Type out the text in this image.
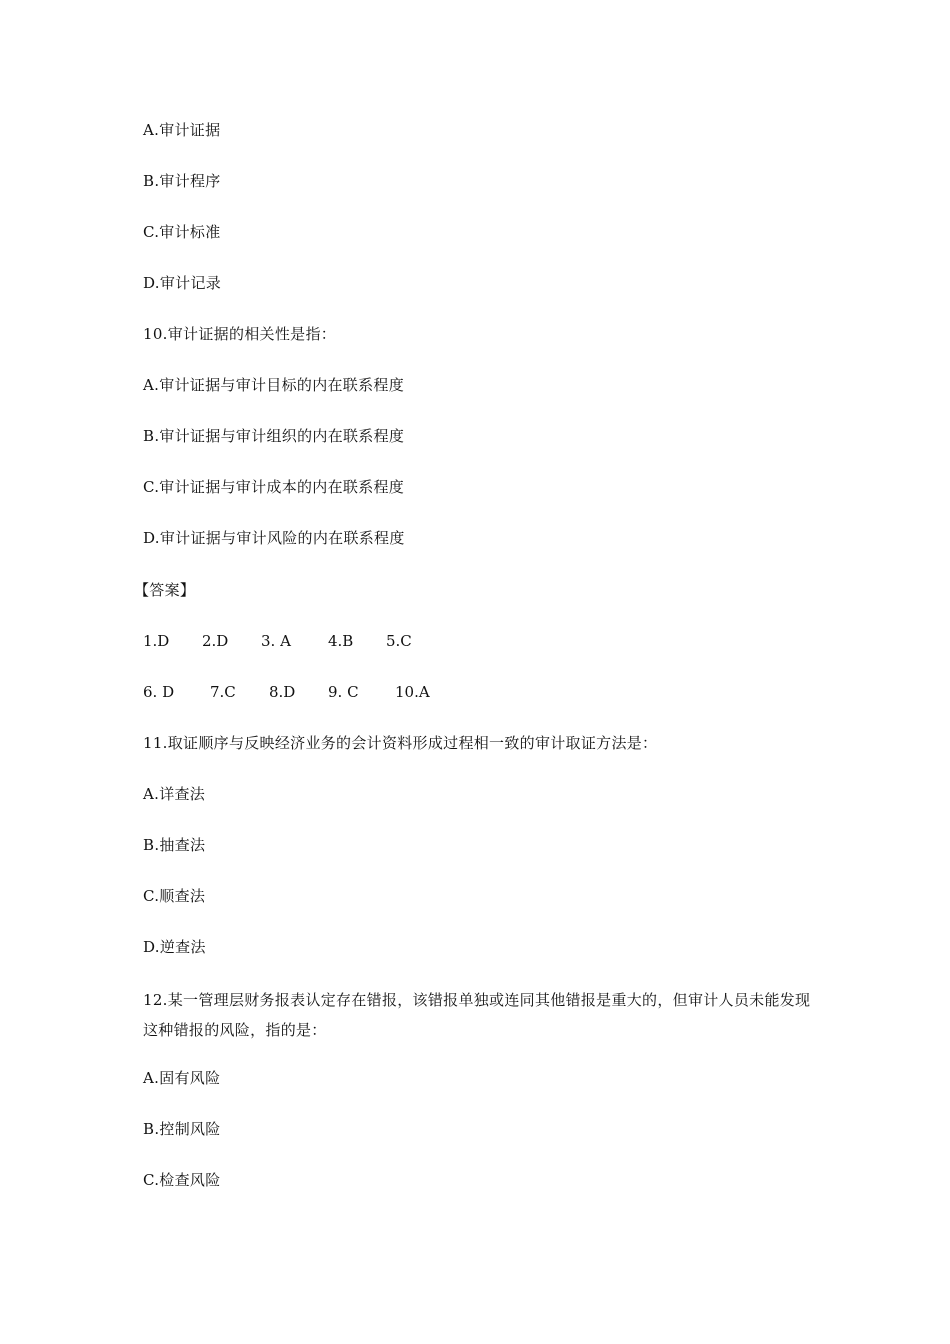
A.审计证据
B.审计程序
C.审计标准
D.审计记录
10.审计证据的相关性是指：
A.审计证据与审计目标的内在联系程度
B.审计证据与审计组织的内在联系程度
C.审计证据与审计成本的内在联系程度
D.审计证据与审计风险的内在联系程度
【答案】
1.D 2.D 3. A 4.B 5.C
6. D 7.C 8.D 9. C 10.A
11.取证顺序与反映经济业务的会计资料形成过程相一致的审计取证方法是：
A.详查法
B.抽查法
C.顺查法
D.逆查法
12.某一管理层财务报表认定存在错报，该错报单独或连同其他错报是重大的，但审计人员未能发现这种错报的风险，指的是：
A.固有风险
B.控制风险
C.检查风险
